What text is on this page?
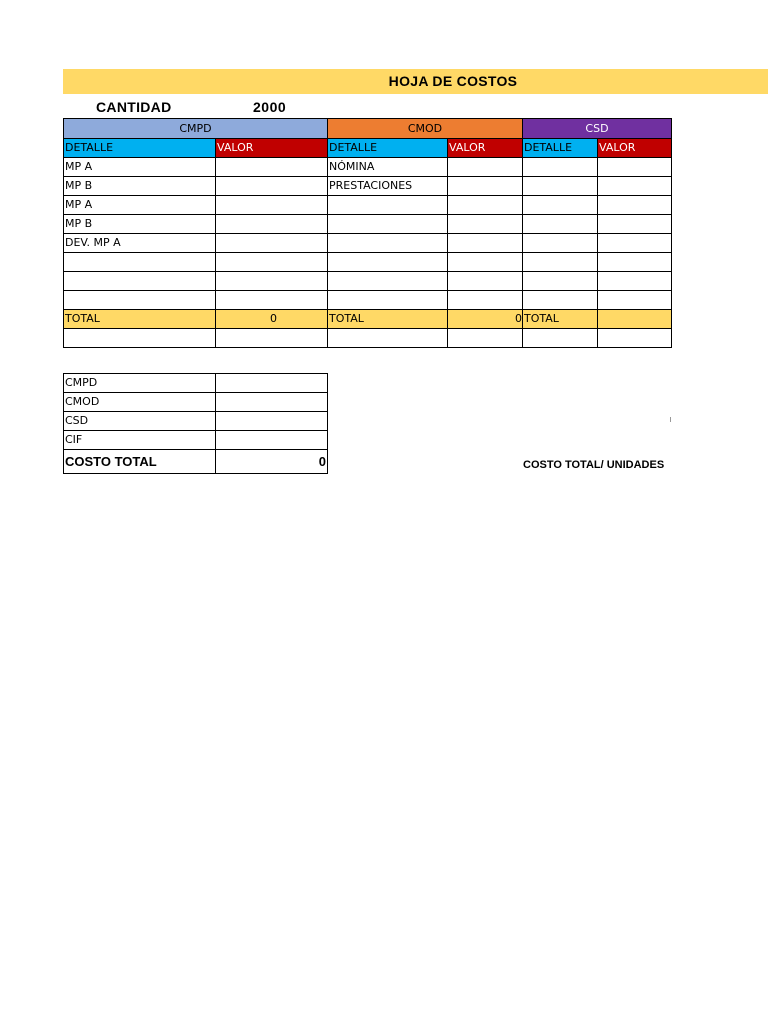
HOJA DE COSTOS
CANTIDAD	2000
CMPD		CMOD		CSD	
DETALLE	VALOR	DETALLE	VALOR	DETALLE	VALOR
MP A		NÓMINA			
MP B		PRESTACIONES			
MP A					
MP B					
DEV. MP A					

TOTAL	0	TOTAL	0	TOTAL	

CMPD	
CMOD	
CSD	
CIF	
COSTO TOTAL	0	COSTO TOTAL/ UNIDADES
